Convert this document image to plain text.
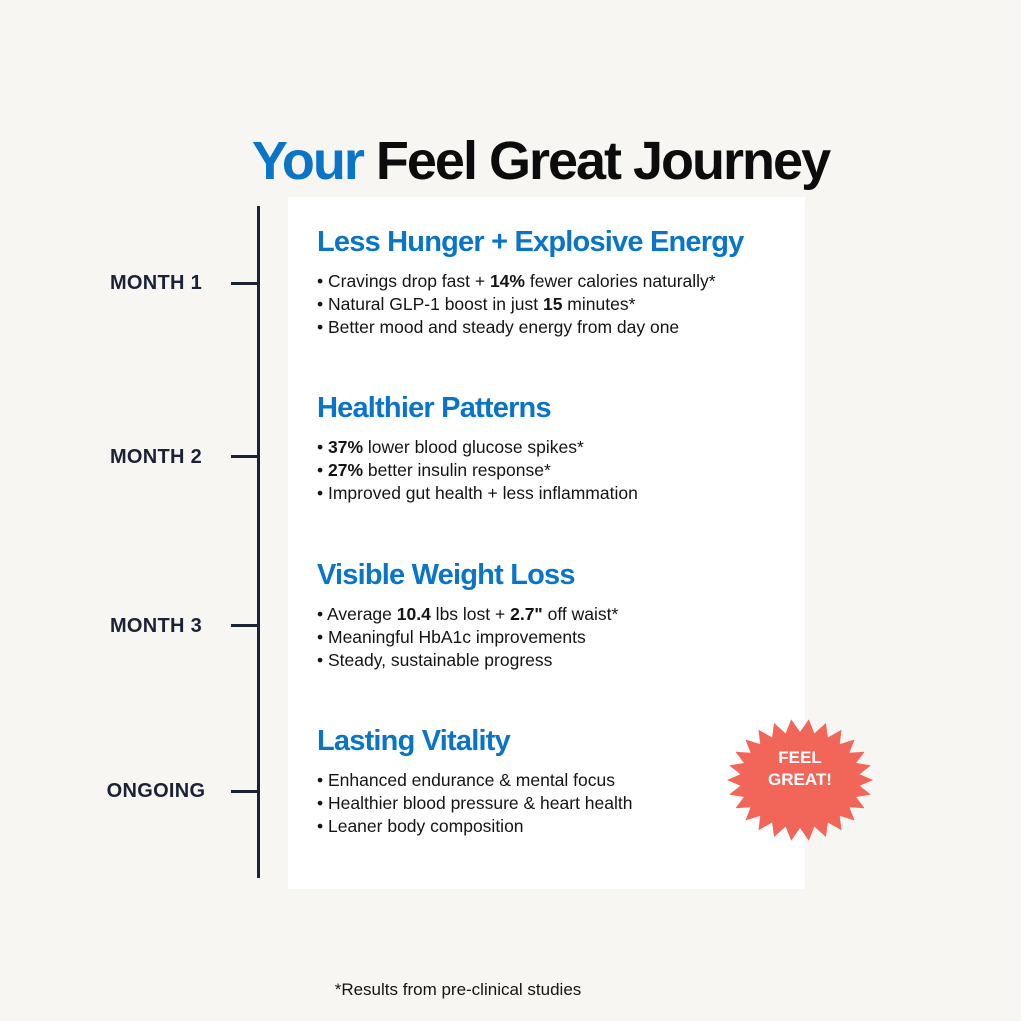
Your Feel Great Journey
MONTH 1
MONTH 2
MONTH 3
ONGOING
Less Hunger + Explosive Energy
• Cravings drop fast + 14% fewer calories naturally*
• Natural GLP-1 boost in just 15 minutes*
• Better mood and steady energy from day one
Healthier Patterns
• 37% lower blood glucose spikes*
• 27% better insulin response*
• Improved gut health + less inflammation
Visible Weight Loss
• Average 10.4 lbs lost + 2.7" off waist*
• Meaningful HbA1c improvements
• Steady, sustainable progress
Lasting Vitality
• Enhanced endurance & mental focus
• Healthier blood pressure & heart health
• Leaner body composition
FEEL
GREAT!
*Results from pre-clinical studies
